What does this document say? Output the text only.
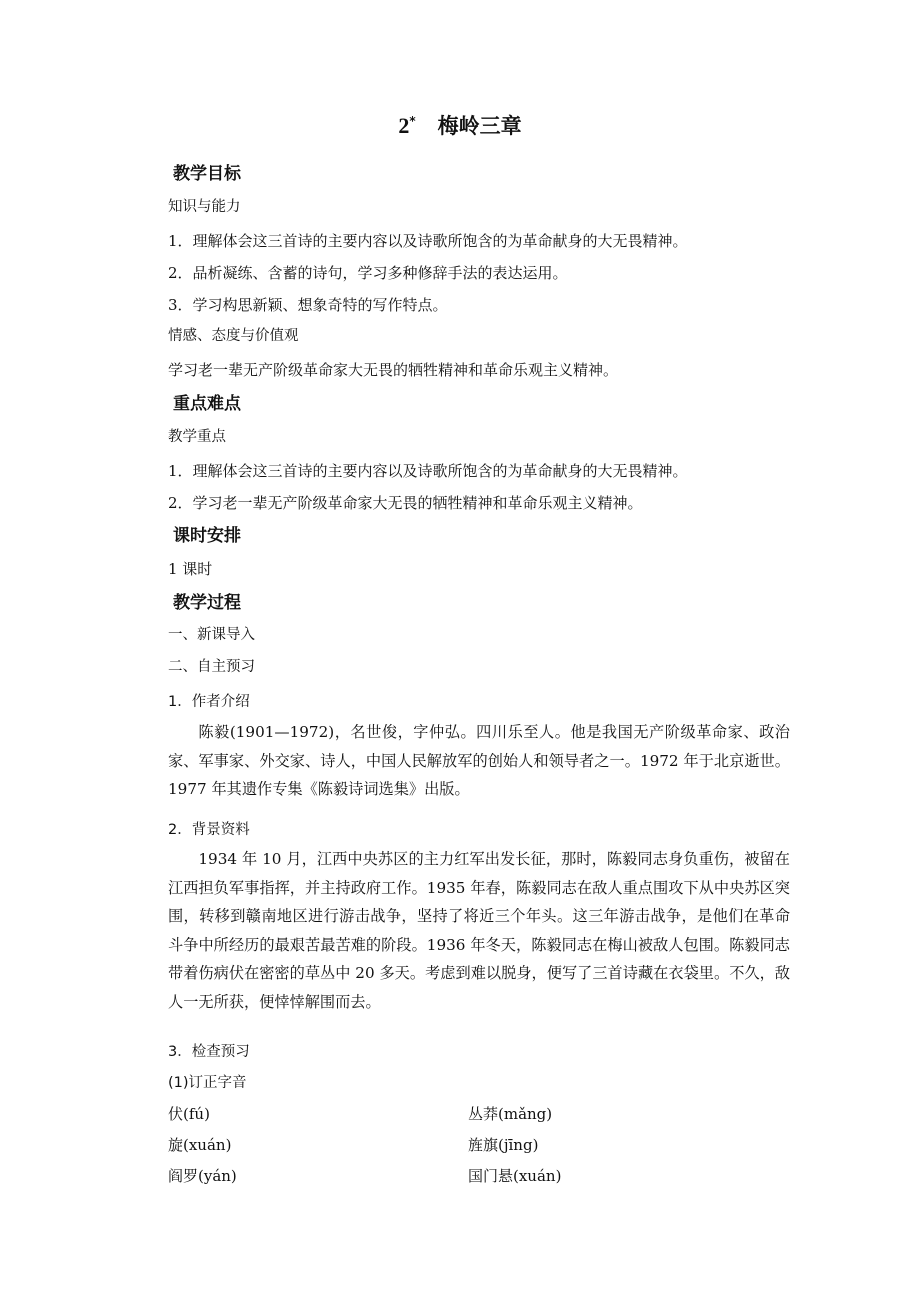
2* 梅岭三章
教学目标
知识与能力
1．理解体会这三首诗的主要内容以及诗歌所饱含的为革命献身的大无畏精神。
2．品析凝练、含蓄的诗句，学习多种修辞手法的表达运用。
3．学习构思新颖、想象奇特的写作特点。
情感、态度与价值观
学习老一辈无产阶级革命家大无畏的牺牲精神和革命乐观主义精神。
重点难点
教学重点
1．理解体会这三首诗的主要内容以及诗歌所饱含的为革命献身的大无畏精神。
2．学习老一辈无产阶级革命家大无畏的牺牲精神和革命乐观主义精神。
课时安排
1 课时
教学过程
一、新课导入
二、自主预习
1．作者介绍
陈毅(1901—1972)，名世俊，字仲弘。四川乐至人。他是我国无产阶级革命家、政治家、军事家、外交家、诗人，中国人民解放军的创始人和领导者之一。1972 年于北京逝世。1977 年其遗作专集《陈毅诗词选集》出版。
2．背景资料
1934 年 10 月，江西中央苏区的主力红军出发长征，那时，陈毅同志身负重伤，被留在江西担负军事指挥，并主持政府工作。1935 年春，陈毅同志在敌人重点围攻下从中央苏区突围，转移到赣南地区进行游击战争，坚持了将近三个年头。这三年游击战争，是他们在革命斗争中所经历的最艰苦最苦难的阶段。1936 年冬天，陈毅同志在梅山被敌人包围。陈毅同志带着伤病伏在密密的草丛中 20 多天。考虑到难以脱身，便写了三首诗藏在衣袋里。不久，敌人一无所获，便悻悻解围而去。
3．检查预习
(1)订正字音
伏(fú)	丛莽(mǎng)
旋(xuán)	旌旗(jīng)
阎罗(yán)	国门悬(xuán)
